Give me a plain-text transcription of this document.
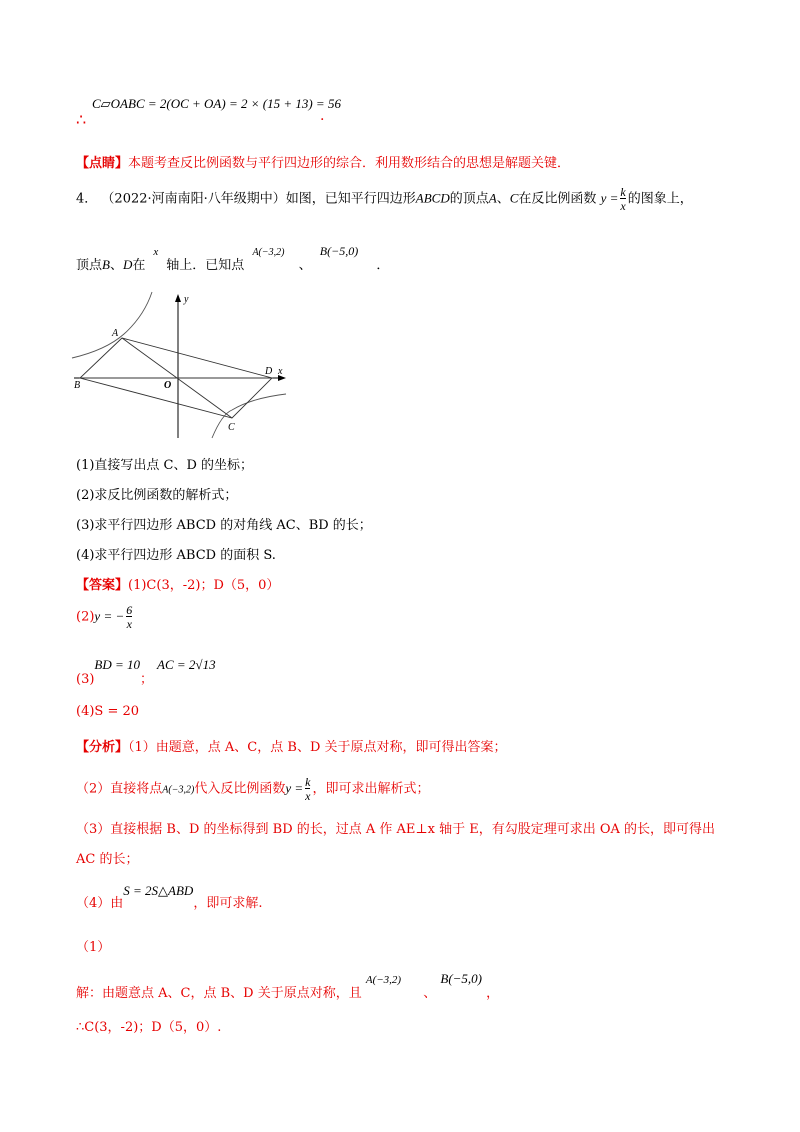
∴
C▱OABC = 2(OC + OA) = 2 × (15 + 13) = 56
.
【点睛】本题考查反比例函数与平行四边形的综合．利用数形结合的思想是解题关键．
4． （2022·河南南阳·八年级期中）如图，已知平行四边形ABCD的顶点A、C在反比例函数 $y = \frac{k}{x}$ 的图象上，
顶点B、D在$^x$轴上．已知点 $^{A(-3,2)}$ 、 B(−5,0) ．
y
x
A
B
C
D
O
(1)直接写出点 C、D 的坐标；
(2)求反比例函数的解析式；
(3)求平行四边形 ABCD 的对角线 AC、BD 的长；
(4)求平行四边形 ABCD 的面积 S.
【答案】(1)C(3，-2)；D（5，0）
(2)y = − $\frac{6}{x}$
(3)BD = 10；AC = 2√13
(4)S = 20
【分析】（1）由题意，点 A、C，点 B、D 关于原点对称，即可得出答案；
（2）直接将点A(−3,2)代入反比例函数$y = \frac{k}{x}$ ，即可求出解析式；
（3）直接根据 B、D 的坐标得到 BD 的长，过点 A 作 AE⊥x 轴于 E，有勾股定理可求出 OA 的长，即可得出
AC 的长；
（4）由S = 2S△ABD，即可求解.
（1）
解：由题意点 A、C，点 B、D 关于原点对称，且 $^{A(-3,2)}$ 、 B(−5,0) ，
∴C(3，-2)；D（5，0）.
